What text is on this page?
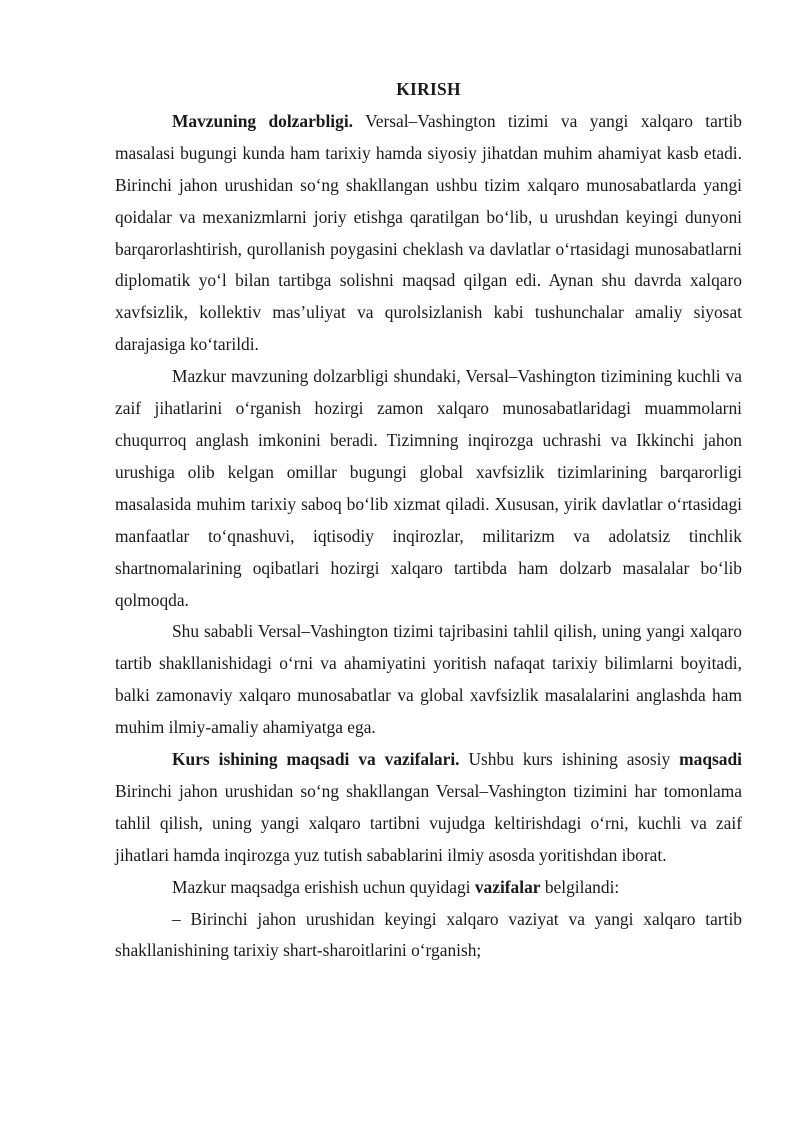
KIRISH

Mavzuning dolzarbligi. Versal–Vashington tizimi va yangi xalqaro tartib masalasi bugungi kunda ham tarixiy hamda siyosiy jihatdan muhim ahamiyat kasb etadi. Birinchi jahon urushidan so‘ng shakllangan ushbu tizim xalqaro munosabatlarda yangi qoidalar va mexanizmlarni joriy etishga qaratilgan bo‘lib, u urushdan keyingi dunyoni barqarorlashtirish, qurollanish poygasini cheklash va davlatlar o‘rtasidagi munosabatlarni diplomatik yo‘l bilan tartibga solishni maqsad qilgan edi. Aynan shu davrda xalqaro xavfsizlik, kollektiv mas’uliyat va qurolsizlanish kabi tushunchalar amaliy siyosat darajasiga ko‘tarildi.

Mazkur mavzuning dolzarbligi shundaki, Versal–Vashington tizimining kuchli va zaif jihatlarini o‘rganish hozirgi zamon xalqaro munosabatlaridagi muammolarni chuqurroq anglash imkonini beradi. Tizimning inqirozga uchrashi va Ikkinchi jahon urushiga olib kelgan omillar bugungi global xavfsizlik tizimlarining barqarorligi masalasida muhim tarixiy saboq bo‘lib xizmat qiladi. Xususan, yirik davlatlar o‘rtasidagi manfaatlar to‘qnashuvi, iqtisodiy inqirozlar, militarizm va adolatsiz tinchlik shartnomalarining oqibatlari hozirgi xalqaro tartibda ham dolzarb masalalar bo‘lib qolmoqda.

Shu sababli Versal–Vashington tizimi tajribasini tahlil qilish, uning yangi xalqaro tartib shakllanishidagi o‘rni va ahamiyatini yoritish nafaqat tarixiy bilimlarni boyitadi, balki zamonaviy xalqaro munosabatlar va global xavfsizlik masalalarini anglashda ham muhim ilmiy-amaliy ahamiyatga ega.

Kurs ishining maqsadi va vazifalari. Ushbu kurs ishining asosiy maqsadi Birinchi jahon urushidan so‘ng shakllangan Versal–Vashington tizimini har tomonlama tahlil qilish, uning yangi xalqaro tartibni vujudga keltirishdagi o‘rni, kuchli va zaif jihatlari hamda inqirozga yuz tutish sabablarini ilmiy asosda yoritishdan iborat.

Mazkur maqsadga erishish uchun quyidagi vazifalar belgilandi:

– Birinchi jahon urushidan keyingi xalqaro vaziyat va yangi xalqaro tartib shakllanishining tarixiy shart-sharoitlarini o‘rganish;
